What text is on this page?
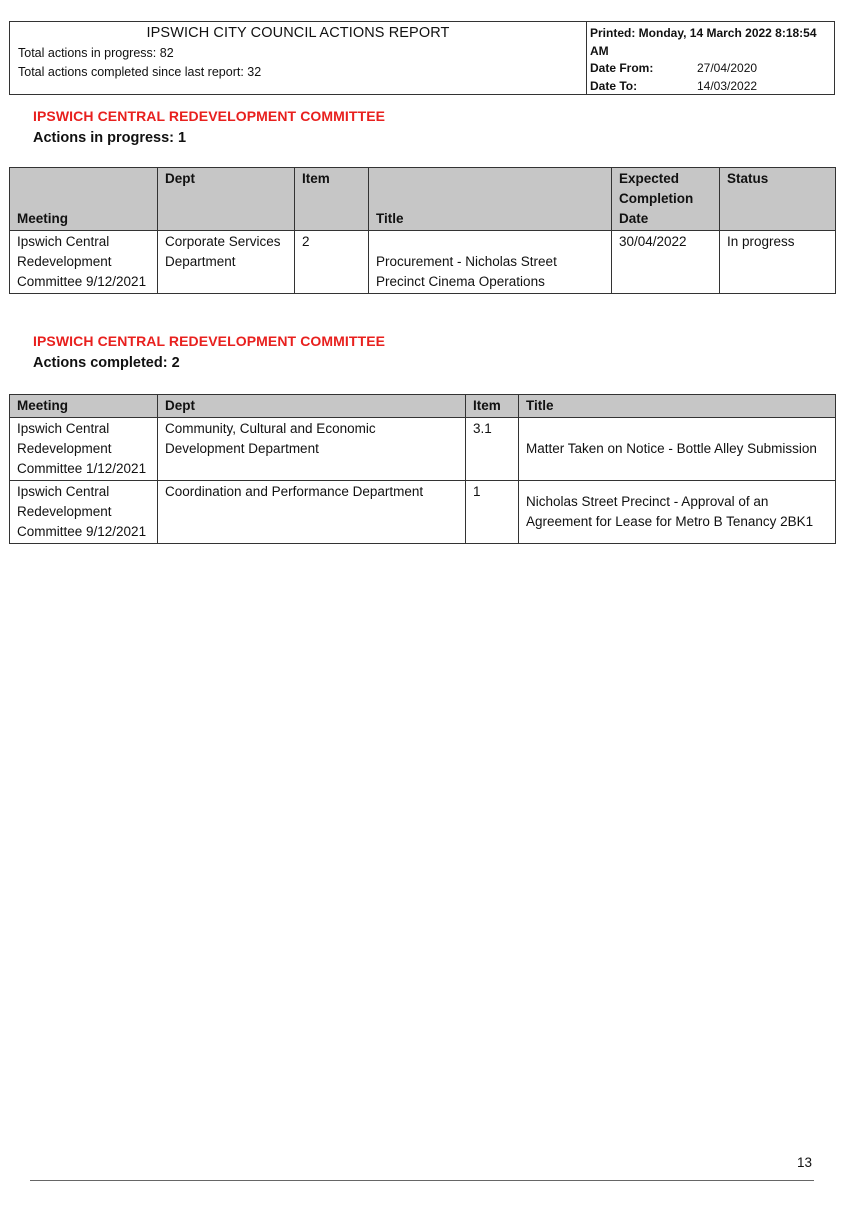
IPSWICH CITY COUNCIL ACTIONS REPORT
Total actions in progress: 82
Total actions completed since last report: 32
Printed: Monday, 14 March 2022 8:18:54 AM
Date From:	27/04/2020
Date To:	14/03/2022
IPSWICH CENTRAL REDEVELOPMENT COMMITTEE
Actions in progress: 1
Meeting	Dept	Item	Title	Expected Completion Date	Status
Ipswich Central Redevelopment Committee 9/12/2021	Corporate Services Department	2	Procurement - Nicholas Street Precinct Cinema Operations	30/04/2022	In progress
IPSWICH CENTRAL REDEVELOPMENT COMMITTEE
Actions completed: 2
Meeting	Dept	Item	Title
Ipswich Central Redevelopment Committee 1/12/2021	Community, Cultural and Economic Development Department	3.1	Matter Taken on Notice - Bottle Alley Submission
Ipswich Central Redevelopment Committee 9/12/2021	Coordination and Performance Department	1	Nicholas Street Precinct - Approval of an Agreement for Lease for Metro B Tenancy 2BK1
13
